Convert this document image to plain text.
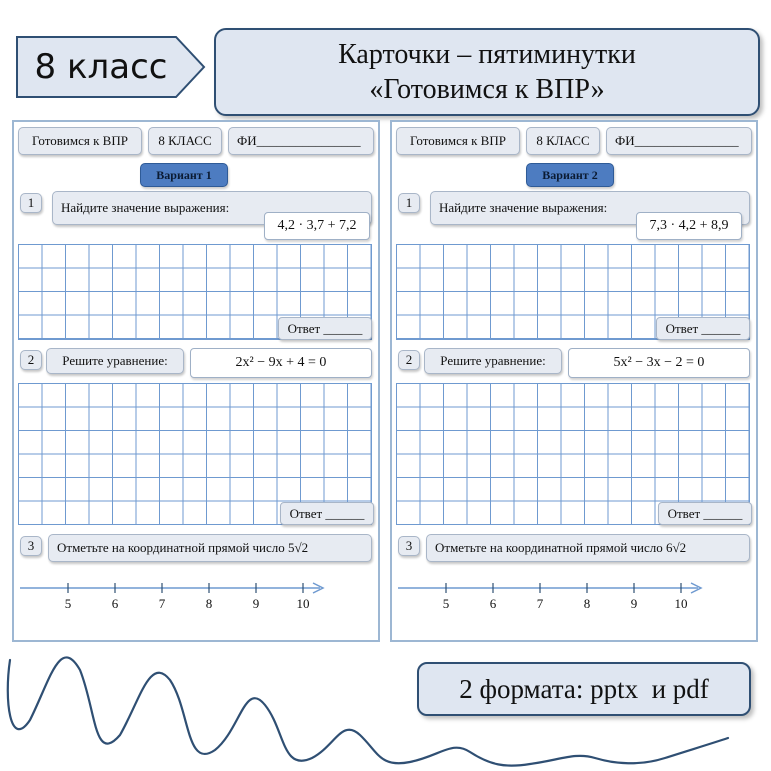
8 класс	Карточки – пятиминутки
«Готовимся к ВПР»
Готовимся к ВПР	8 КЛАСС	ФИ________________
Вариант 1
1	Найдите значение выражения:
4,2 · 3,7 + 7,2
Ответ ______
2	Решите уравнение:	2x² − 9x + 4 = 0
Ответ ______
3	Отметьте на координатной прямой число 5√2
5	6	7	8	9	10
Готовимся к ВПР	8 КЛАСС	ФИ________________
Вариант 2
1	Найдите значение выражения:
7,3 · 4,2 + 8,9
Ответ ______
2	Решите уравнение:	5x² − 3x − 2 = 0
Ответ ______
3	Отметьте на координатной прямой число 6√2
5	6	7	8	9	10
2 формата: pptx  и pdf
